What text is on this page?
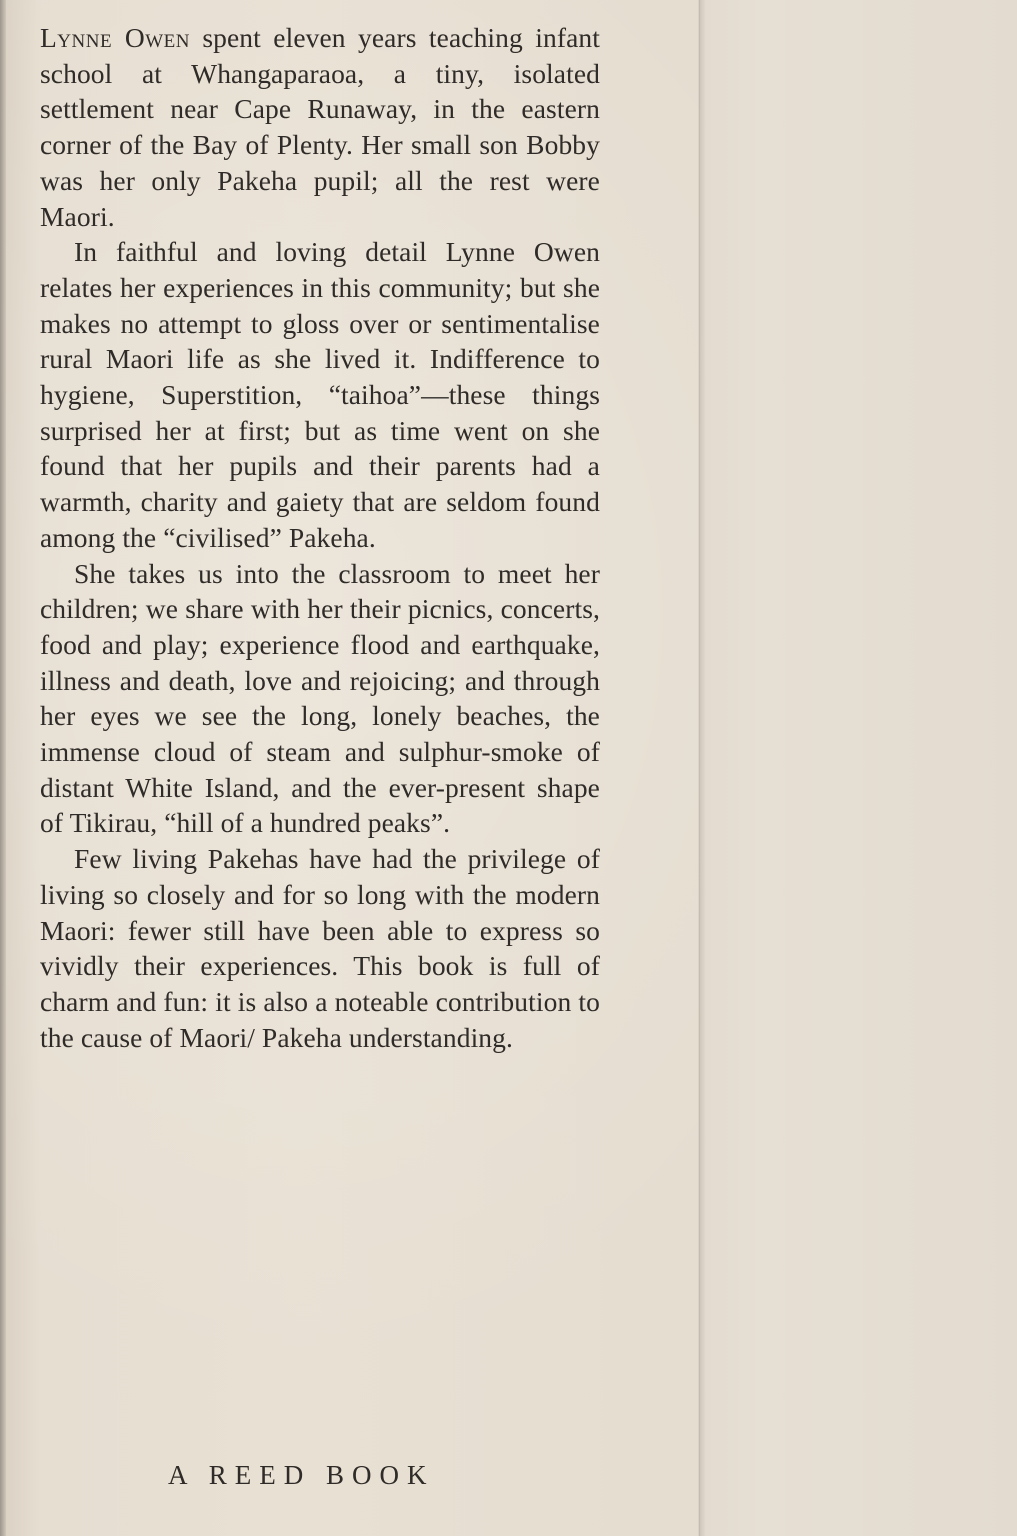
Lynne Owen spent eleven years teaching infant school at Whangaparaoa, a tiny, isolated settlement near Cape Runaway, in the eastern corner of the Bay of Plenty. Her small son Bobby was her only Pakeha pupil; all the rest were Maori.

In faithful and loving detail Lynne Owen relates her experiences in this community; but she makes no attempt to gloss over or sentimentalise rural Maori life as she lived it. Indifference to hygiene, Superstition, “taihoa”—these things surprised her at first; but as time went on she found that her pupils and their parents had a warmth, charity and gaiety that are seldom found among the “civilised” Pakeha.

She takes us into the classroom to meet her children; we share with her their picnics, concerts, food and play; experience flood and earthquake, illness and death, love and rejoicing; and through her eyes we see the long, lonely beaches, the immense cloud of steam and sulphur-smoke of distant White Island, and the ever-present shape of Tikirau, “hill of a hundred peaks”.

Few living Pakehas have had the privilege of living so closely and for so long with the modern Maori: fewer still have been able to express so vividly their experiences. This book is full of charm and fun: it is also a noteable contribution to the cause of Maori/ Pakeha understanding.

A REED BOOK
